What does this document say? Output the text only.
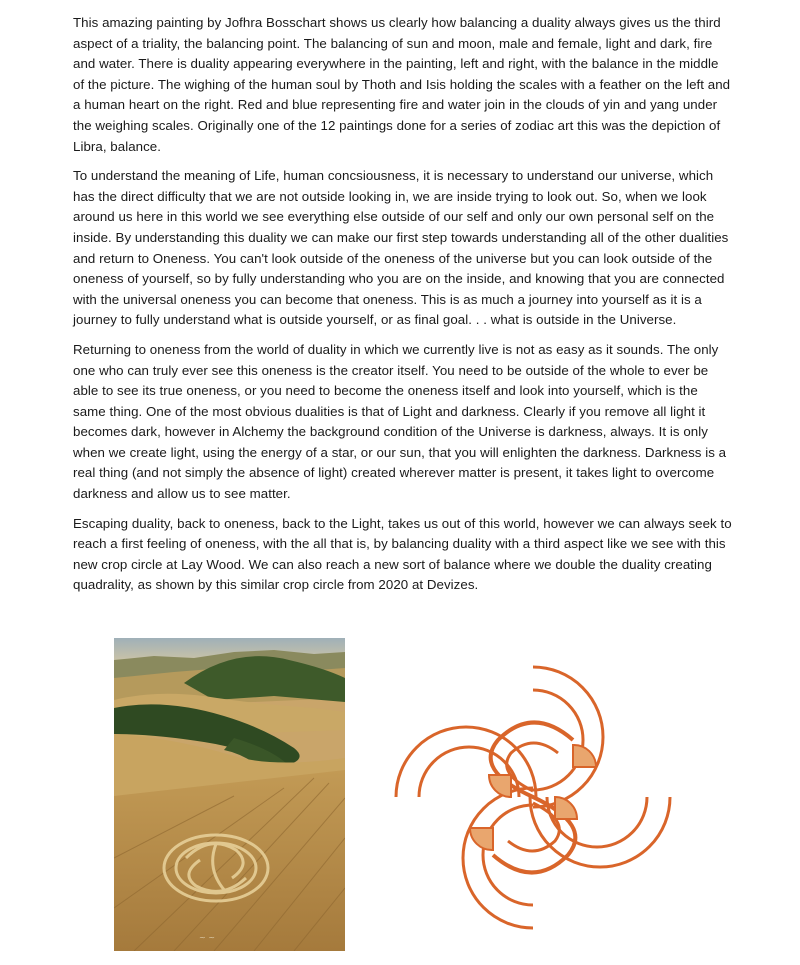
This amazing painting by Jofhra Bosschart shows us clearly how balancing a duality always gives us the third aspect of a triality, the balancing point. The balancing of sun and moon, male and female, light and dark, fire and water. There is duality appearing everywhere in the painting, left and right, with the balance in the middle of the picture. The wighing of the human soul by Thoth and Isis holding the scales with a feather on the left and a human heart on the right. Red and blue representing fire and water join in the clouds of yin and yang under the weighing scales. Originally one of the 12 paintings done for a series of zodiac art this was the depiction of Libra, balance.

To understand the meaning of Life, human concsiousness, it is necessary to understand our universe, which has the direct difficulty that we are not outside looking in, we are inside trying to look out. So, when we look around us here in this world we see everything else outside of our self and only our own personal self on the inside. By understanding this duality we can make our first step towards understanding all of the other dualities and return to Oneness. You can't look outside of the oneness of the universe but you can look outside of the oneness of yourself, so by fully understanding who you are on the inside, and knowing that you are connected with the universal oneness you can become that oneness. This is as much a journey into yourself as it is a journey to fully understand what is outside yourself, or as final goal. . . what is outside in the Universe.

Returning to oneness from the world of duality in which we currently live is not as easy as it sounds. The only one who can truly ever see this oneness is the creator itself. You need to be outside of the whole to ever be able to see its true oneness, or you need to become the oneness itself and look into yourself, which is the same thing. One of the most obvious dualities is that of Light and darkness. Clearly if you remove all light it becomes dark, however in Alchemy the background condition of the Universe is darkness, always. It is only when we create light, using the energy of a star, or our sun, that you will enlighten the darkness. Darkness is a real thing (and not simply the absence of light) created wherever matter is present, it takes light to overcome darkness and allow us to see matter.

Escaping duality, back to oneness, back to the Light, takes us out of this world, however we can always seek to reach a first feeling of oneness, with the all that is, by balancing duality with a third aspect like we see with this new crop circle at Lay Wood. We can also reach a new sort of balance where we double the duality creating quadrality, as shown by this similar crop circle from 2020 at Devizes.

~ ~
